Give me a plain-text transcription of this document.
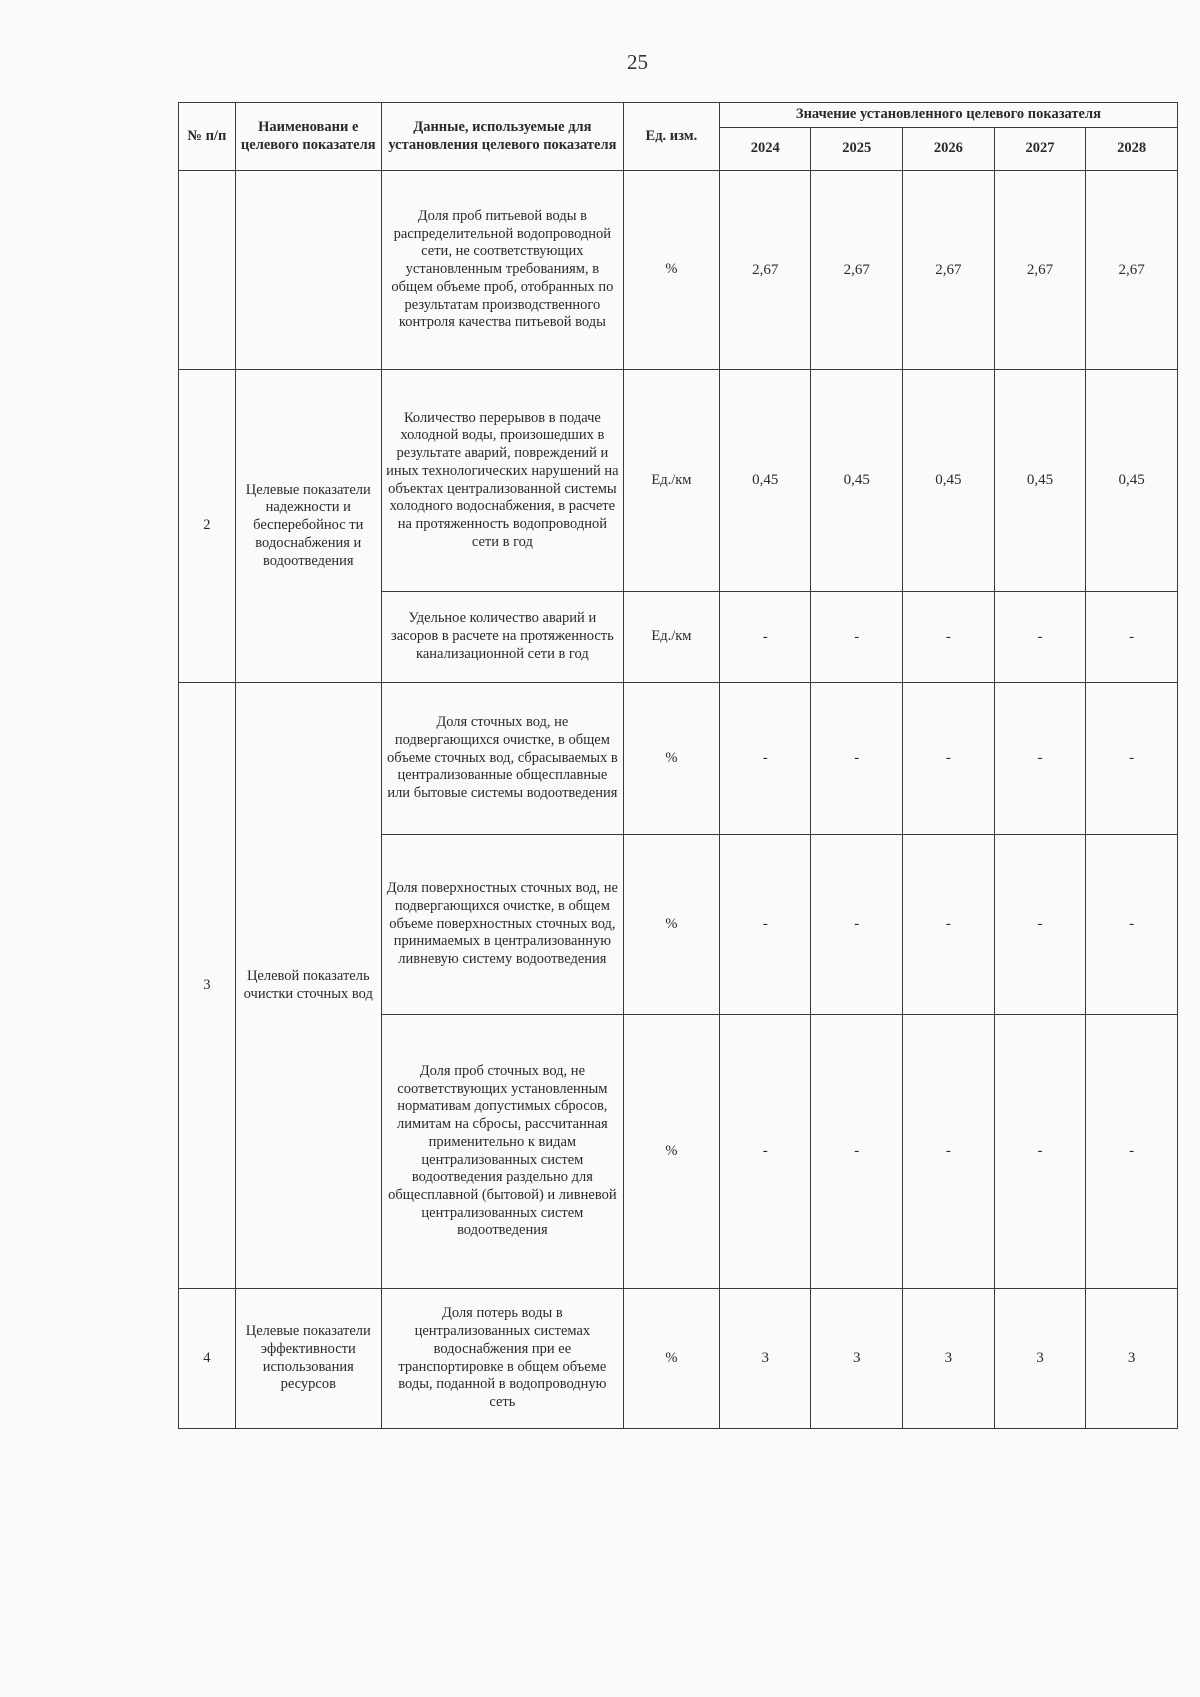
25
№ п/п	Наименовани е целевого показателя	Данные, используемые для установления целевого показателя	Ед. изм.	Значение установленного целевого показателя				
				2024	2025	2026	2027	2028
		Доля проб питьевой воды в распределительной водопроводной сети, не соответствующих установленным требованиям, в общем объеме проб, отобранных по результатам производственного контроля качества питьевой воды	%	2,67	2,67	2,67	2,67	2,67
2	Целевые показатели надежности и бесперебойнос ти водоснабжения и водоотведения	Количество перерывов в подаче холодной воды, произошедших в результате аварий, повреждений и иных технологических нарушений на объектах централизованной системы холодного водоснабжения, в расчете на протяженность водопроводной сети в год	Ед./км	0,45	0,45	0,45	0,45	0,45
		Удельное количество аварий и засоров в расчете на протяженность канализационной сети в год	Ед./км	-	-	-	-	-
3	Целевой показатель очистки сточных вод	Доля сточных вод, не подвергающихся очистке, в общем объеме сточных вод, сбрасываемых в централизованные общесплавные или бытовые системы водоотведения	%	-	-	-	-	-
		Доля поверхностных сточных вод, не подвергающихся очистке, в общем объеме поверхностных сточных вод, принимаемых в централизованную ливневую систему водоотведения	%	-	-	-	-	-
		Доля проб сточных вод, не соответствующих установленным нормативам допустимых сбросов, лимитам на сбросы, рассчитанная применительно к видам централизованных систем водоотведения раздельно для общесплавной (бытовой) и ливневой централизованных систем водоотведения	%	-	-	-	-	-
4	Целевые показатели эффективности использования ресурсов	Доля потерь воды в централизованных системах водоснабжения при ее транспортировке в общем объеме воды, поданной в водопроводную сеть	%	3	3	3	3	3
